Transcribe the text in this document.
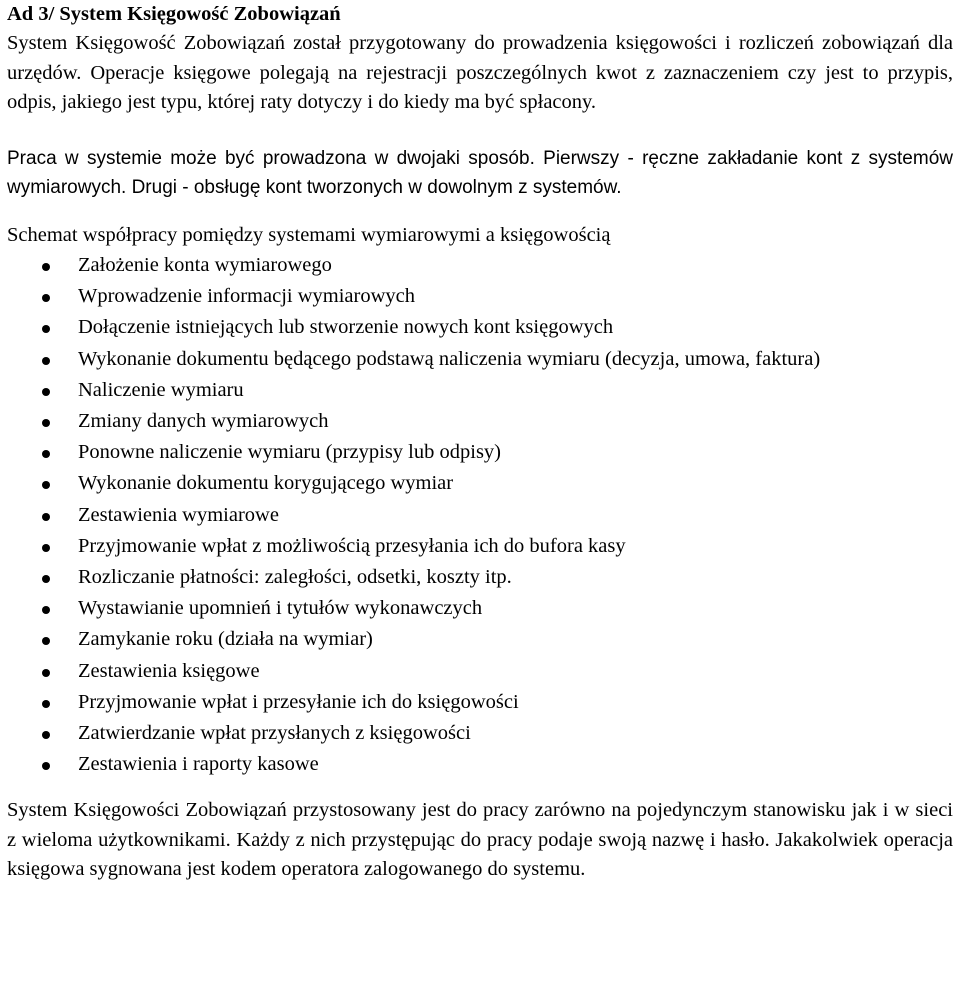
Ad 3/ System Księgowość Zobowiązań

System Księgowość Zobowiązań został przygotowany do prowadzenia księgowości i rozliczeń zobowiązań dla urzędów. Operacje księgowe polegają na rejestracji poszczególnych kwot z zaznaczeniem czy jest to przypis, odpis, jakiego jest typu, której raty dotyczy i do kiedy ma być spłacony.

Praca w systemie może być prowadzona w dwojaki sposób. Pierwszy - ręczne zakładanie kont z systemów wymiarowych. Drugi - obsługę kont tworzonych w dowolnym z systemów.

Schemat współpracy pomiędzy systemami wymiarowymi a księgowością

Założenie konta wymiarowego
Wprowadzenie informacji wymiarowych
Dołączenie istniejących lub stworzenie nowych kont księgowych
Wykonanie dokumentu będącego podstawą naliczenia wymiaru (decyzja, umowa, faktura)
Naliczenie wymiaru
Zmiany danych wymiarowych
Ponowne naliczenie wymiaru (przypisy lub odpisy)
Wykonanie dokumentu korygującego wymiar
Zestawienia wymiarowe
Przyjmowanie wpłat z możliwością przesyłania ich do bufora kasy
Rozliczanie płatności: zaległości, odsetki, koszty itp.
Wystawianie upomnień i tytułów wykonawczych
Zamykanie roku (działa na wymiar)
Zestawienia księgowe
Przyjmowanie wpłat i przesyłanie ich do księgowości
Zatwierdzanie wpłat przysłanych z księgowości
Zestawienia i raporty kasowe

System Księgowości Zobowiązań przystosowany jest do pracy zarówno na pojedynczym stanowisku jak i w sieci z wieloma użytkownikami. Każdy z nich przystępując do pracy podaje swoją nazwę i hasło. Jakakolwiek operacja księgowa sygnowana jest kodem operatora zalogowanego do systemu.
